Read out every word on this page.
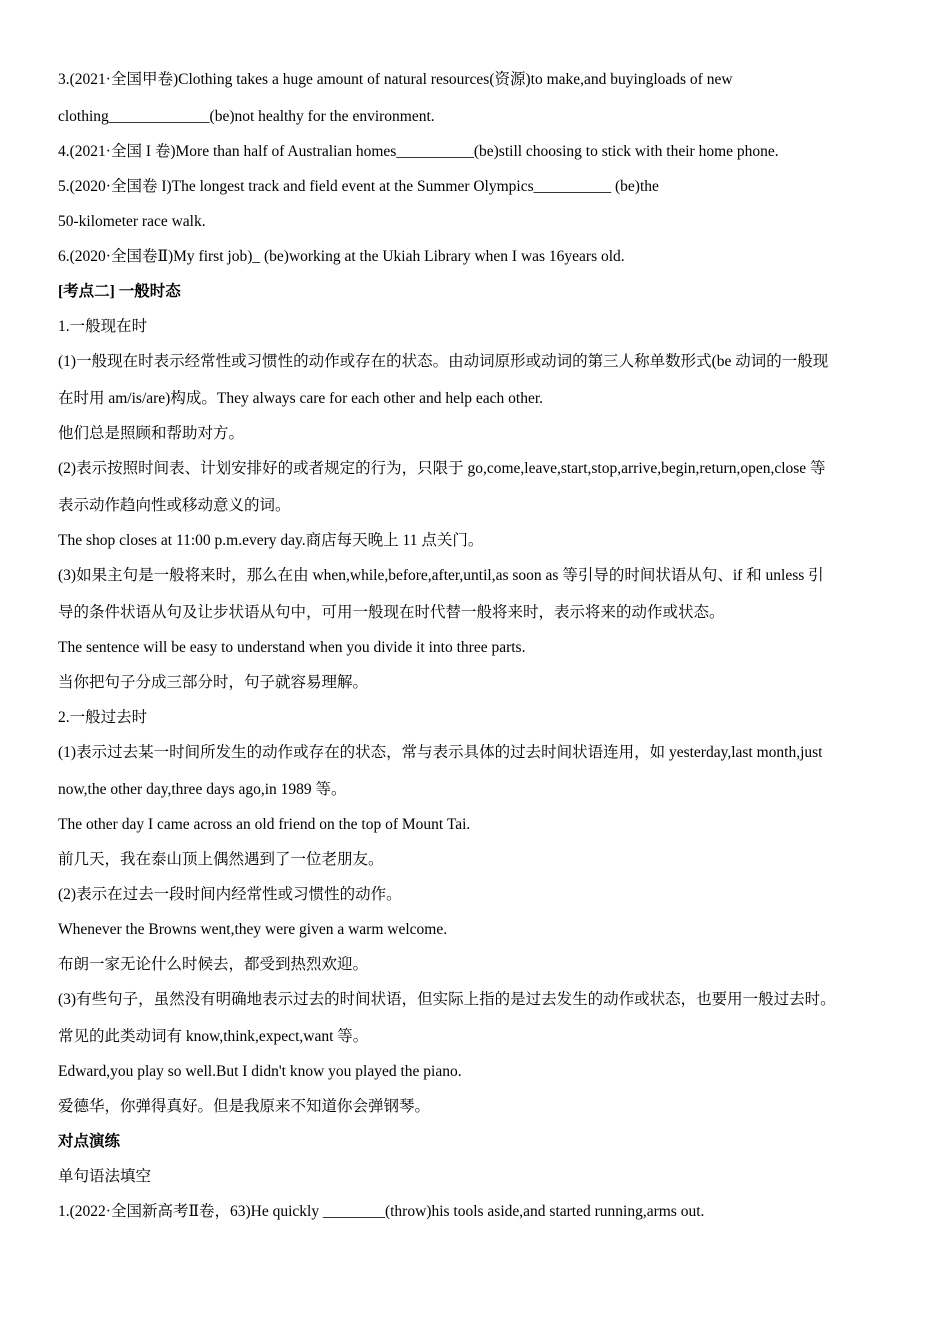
3.(2021·全国甲卷)Clothing takes a huge amount of natural resources(资源)to make,and buyingloads of new
clothing_____________(be)not healthy for the environment.
4.(2021·全国 I 卷)More than half of Australian homes__________(be)still choosing to stick with their home phone.
5.(2020·全国卷 I)The longest track and field event at the Summer Olympics__________ (be)the
50-kilometer race walk.
6.(2020·全国卷Ⅱ)My first job)_ (be)working at the Ukiah Library when I was 16years old.
[考点二] 一般时态
1.一般现在时
(1)一般现在时表示经常性或习惯性的动作或存在的状态。由动词原形或动词的第三人称单数形式(be 动词的一般现
在时用 am/is/are)构成。They always care for each other and help each other.
他们总是照顾和帮助对方。
(2)表示按照时间表、计划安排好的或者规定的行为，只限于 go,come,leave,start,stop,arrive,begin,return,open,close 等
表示动作趋向性或移动意义的词。
The shop closes at 11:00 p.m.every day.商店每天晚上 11 点关门。
(3)如果主句是一般将来时，那么在由 when,while,before,after,until,as soon as 等引导的时间状语从句、if 和 unless 引
导的条件状语从句及让步状语从句中，可用一般现在时代替一般将来时，表示将来的动作或状态。
The sentence will be easy to understand when you divide it into three parts.
当你把句子分成三部分时，句子就容易理解。
2.一般过去时
(1)表示过去某一时间所发生的动作或存在的状态，常与表示具体的过去时间状语连用，如 yesterday,last month,just
now,the other day,three days ago,in 1989 等。
The other day I came across an old friend on the top of Mount Tai.
前几天，我在泰山顶上偶然遇到了一位老朋友。
(2)表示在过去一段时间内经常性或习惯性的动作。
Whenever the Browns went,they were given a warm welcome.
布朗一家无论什么时候去，都受到热烈欢迎。
(3)有些句子，虽然没有明确地表示过去的时间状语，但实际上指的是过去发生的动作或状态，也要用一般过去时。
常见的此类动词有 know,think,expect,want 等。
Edward,you play so well.But I didn't know you played the piano.
爱德华，你弹得真好。但是我原来不知道你会弹钢琴。
对点演练
单句语法填空
1.(2022·全国新高考Ⅱ卷，63)He quickly ________(throw)his tools aside,and started running,arms out.
